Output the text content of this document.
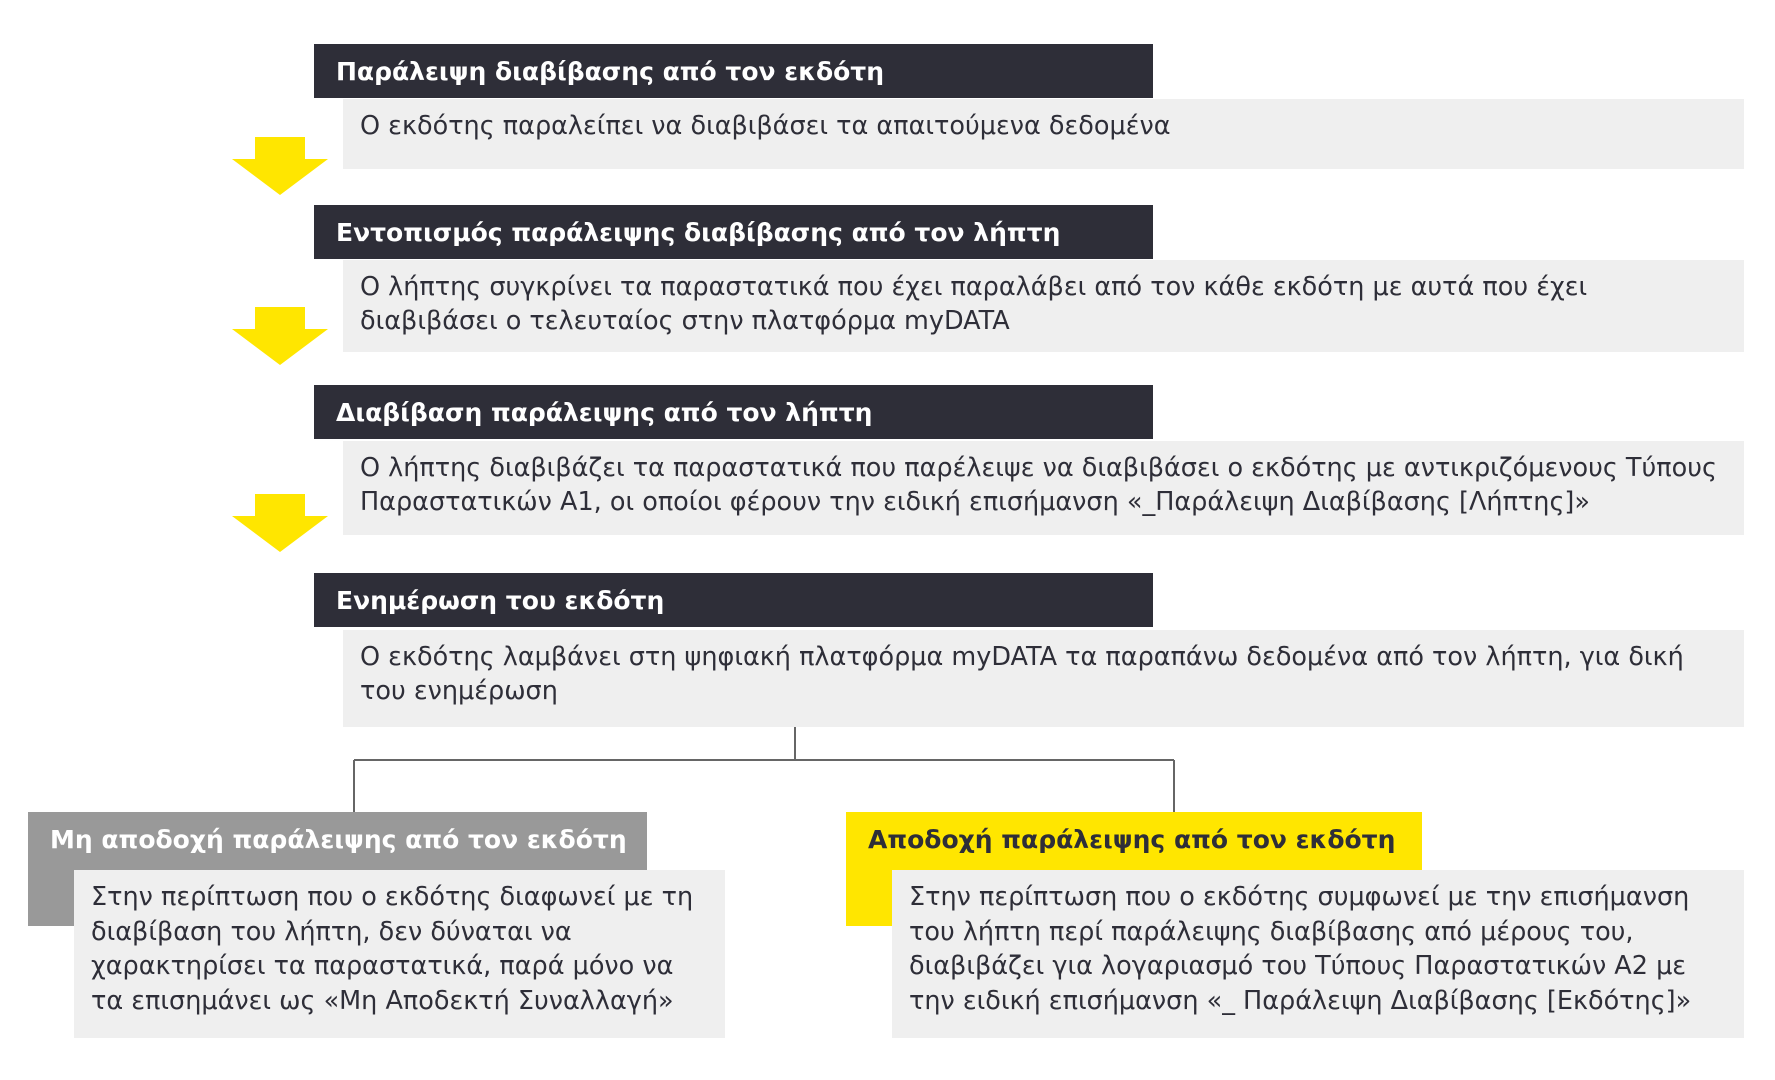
Παράλειψη διαβίβασης από τον εκδότη
Ο εκδότης παραλείπει να διαβιβάσει τα απαιτούμενα δεδομένα
Εντοπισμός παράλειψης διαβίβασης από τον λήπτη
Ο λήπτης συγκρίνει τα παραστατικά που έχει παραλάβει από τον κάθε εκδότη με αυτά που έχει διαβιβάσει ο τελευταίος στην πλατφόρμα myDATA
Διαβίβαση παράλειψης από τον λήπτη
Ο λήπτης διαβιβάζει τα παραστατικά που παρέλειψε να διαβιβάσει ο εκδότης με αντικριζόμενους Τύπους Παραστατικών Α1, οι οποίοι φέρουν την ειδική επισήμανση «_Παράλειψη Διαβίβασης [Λήπτης]»
Ενημέρωση του εκδότη
Ο εκδότης λαμβάνει στη ψηφιακή πλατφόρμα myDATA τα παραπάνω δεδομένα από τον λήπτη, για δική του ενημέρωση
Μη αποδοχή παράλειψης από τον εκδότη
Στην περίπτωση που ο εκδότης διαφωνεί με τη διαβίβαση του λήπτη, δεν δύναται να χαρακτηρίσει τα παραστατικά, παρά μόνο να τα επισημάνει ως «Μη Αποδεκτή Συναλλαγή»
Αποδοχή παράλειψης από τον εκδότη
Στην περίπτωση που ο εκδότης συμφωνεί με την επισήμανση του λήπτη περί παράλειψης διαβίβασης από μέρους του, διαβιβάζει για λογαριασμό του Τύπους Παραστατικών Α2 με την ειδική επισήμανση «_ Παράλειψη Διαβίβασης [Εκδότης]»
